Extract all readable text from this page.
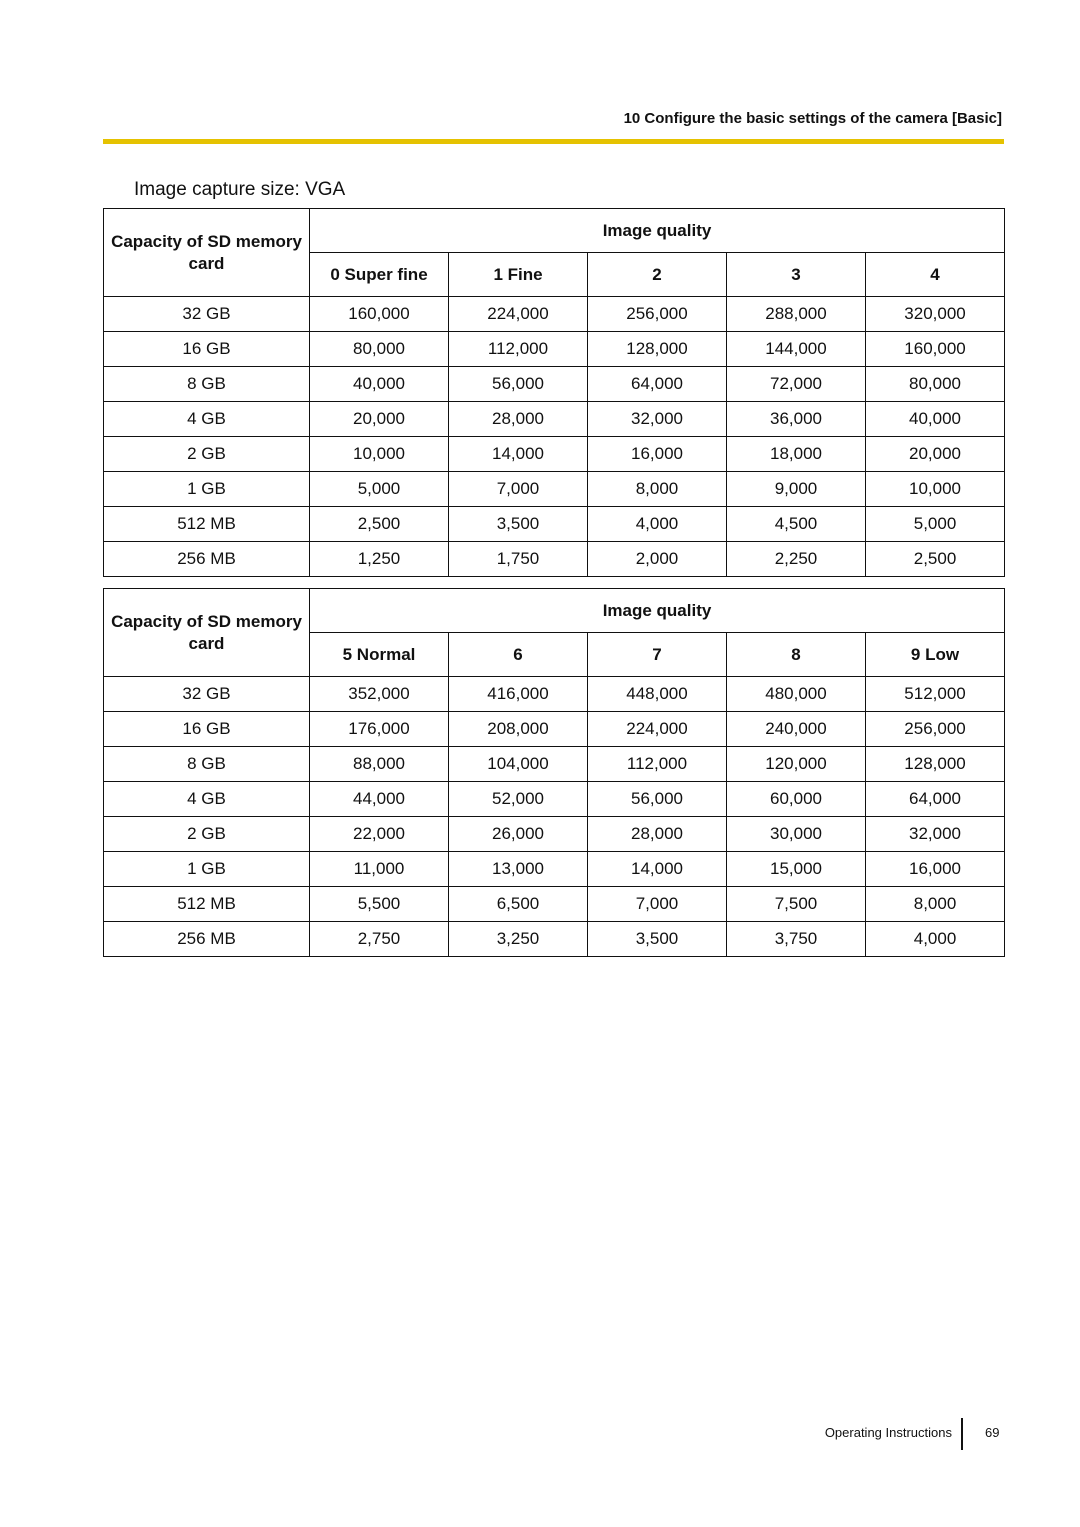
10 Configure the basic settings of the camera [Basic]
Image capture size: VGA
Capacity of SD memory card	Image quality				
	0 Super fine	1 Fine	2	3	4
32 GB	160,000	224,000	256,000	288,000	320,000
16 GB	80,000	112,000	128,000	144,000	160,000
8 GB	40,000	56,000	64,000	72,000	80,000
4 GB	20,000	28,000	32,000	36,000	40,000
2 GB	10,000	14,000	16,000	18,000	20,000
1 GB	5,000	7,000	8,000	9,000	10,000
512 MB	2,500	3,500	4,000	4,500	5,000
256 MB	1,250	1,750	2,000	2,250	2,500
Capacity of SD memory card	Image quality				
	5 Normal	6	7	8	9 Low
32 GB	352,000	416,000	448,000	480,000	512,000
16 GB	176,000	208,000	224,000	240,000	256,000
8 GB	88,000	104,000	112,000	120,000	128,000
4 GB	44,000	52,000	56,000	60,000	64,000
2 GB	22,000	26,000	28,000	30,000	32,000
1 GB	11,000	13,000	14,000	15,000	16,000
512 MB	5,500	6,500	7,000	7,500	8,000
256 MB	2,750	3,250	3,500	3,750	4,000
Operating Instructions	69
